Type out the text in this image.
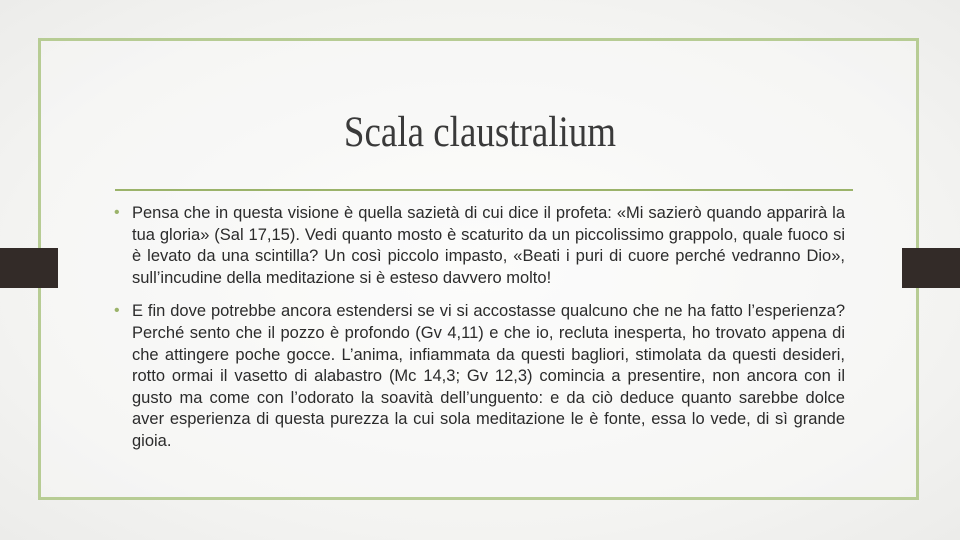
Scala claustralium

• Pensa che in questa visione è quella sazietà di cui dice il profeta: «Mi sazierò quando apparirà la tua gloria» (Sal 17,15). Vedi quanto mosto è scaturito da un piccolissimo grappolo, quale fuoco si è levato da una scintilla? Un così piccolo impasto, «Beati i puri di cuore perché vedranno Dio», sull’incudine della meditazione si è esteso davvero molto!

• E fin dove potrebbe ancora estendersi se vi si accostasse qualcuno che ne ha fatto l’esperienza? Perché sento che il pozzo è profondo (Gv 4,11) e che io, recluta inesperta, ho trovato appena di che attingere poche gocce. L’anima, infiammata da questi bagliori, stimolata da questi desideri, rotto ormai il vasetto di alabastro (Mc 14,3; Gv 12,3) comincia a presentire, non ancora con il gusto ma come con l’odorato la soavità dell’unguento: e da ciò deduce quanto sarebbe dolce aver esperienza di questa purezza la cui sola meditazione le è fonte, essa lo vede, di sì grande gioia.
